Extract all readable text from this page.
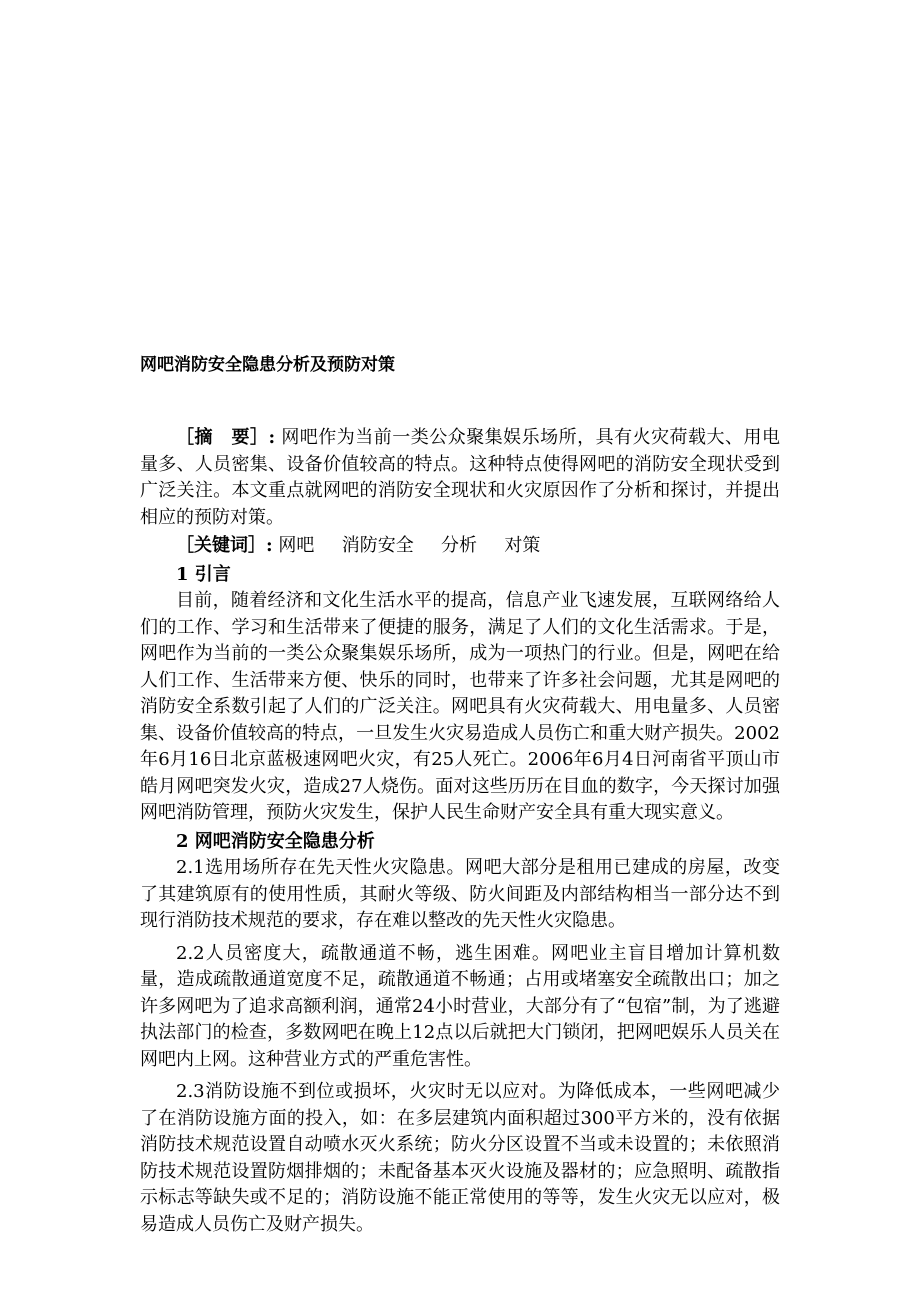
网吧消防安全隐患分析及预防对策

［摘　要］: 网吧作为当前一类公众聚集娱乐场所，具有火灾荷载大、用电量多、人员密集、设备价值较高的特点。这种特点使得网吧的消防安全现状受到广泛关注。本文重点就网吧的消防安全现状和火灾原因作了分析和探讨，并提出相应的预防对策。

［关键词］: 网吧 消防安全 分析 对策

1 引言

目前，随着经济和文化生活水平的提高，信息产业飞速发展，互联网络给人们的工作、学习和生活带来了便捷的服务，满足了人们的文化生活需求。于是，网吧作为当前的一类公众聚集娱乐场所，成为一项热门的行业。但是，网吧在给人们工作、生活带来方便、快乐的同时，也带来了许多社会问题，尤其是网吧的消防安全系数引起了人们的广泛关注。网吧具有火灾荷载大、用电量多、人员密集、设备价值较高的特点，一旦发生火灾易造成人员伤亡和重大财产损失。2002年6月16日北京蓝极速网吧火灾，有25人死亡。2006年6月4日河南省平顶山市皓月网吧突发火灾，造成27人烧伤。面对这些历历在目血的数字，今天探讨加强网吧消防管理，预防火灾发生，保护人民生命财产安全具有重大现实意义。

2 网吧消防安全隐患分析

2.1选用场所存在先天性火灾隐患。网吧大部分是租用已建成的房屋，改变了其建筑原有的使用性质，其耐火等级、防火间距及内部结构相当一部分达不到现行消防技术规范的要求，存在难以整改的先天性火灾隐患。

2.2人员密度大，疏散通道不畅，逃生困难。网吧业主盲目增加计算机数量，造成疏散通道宽度不足，疏散通道不畅通；占用或堵塞安全疏散出口；加之许多网吧为了追求高额利润，通常24小时营业，大部分有了“包宿”制，为了逃避执法部门的检查，多数网吧在晚上12点以后就把大门锁闭，把网吧娱乐人员关在网吧内上网。这种营业方式的严重危害性。

2.3消防设施不到位或损坏，火灾时无以应对。为降低成本，一些网吧减少了在消防设施方面的投入，如：在多层建筑内面积超过300平方米的，没有依据消防技术规范设置自动喷水灭火系统；防火分区设置不当或未设置的；未依照消防技术规范设置防烟排烟的；未配备基本灭火设施及器材的；应急照明、疏散指示标志等缺失或不足的；消防设施不能正常使用的等等，发生火灾无以应对，极易造成人员伤亡及财产损失。
